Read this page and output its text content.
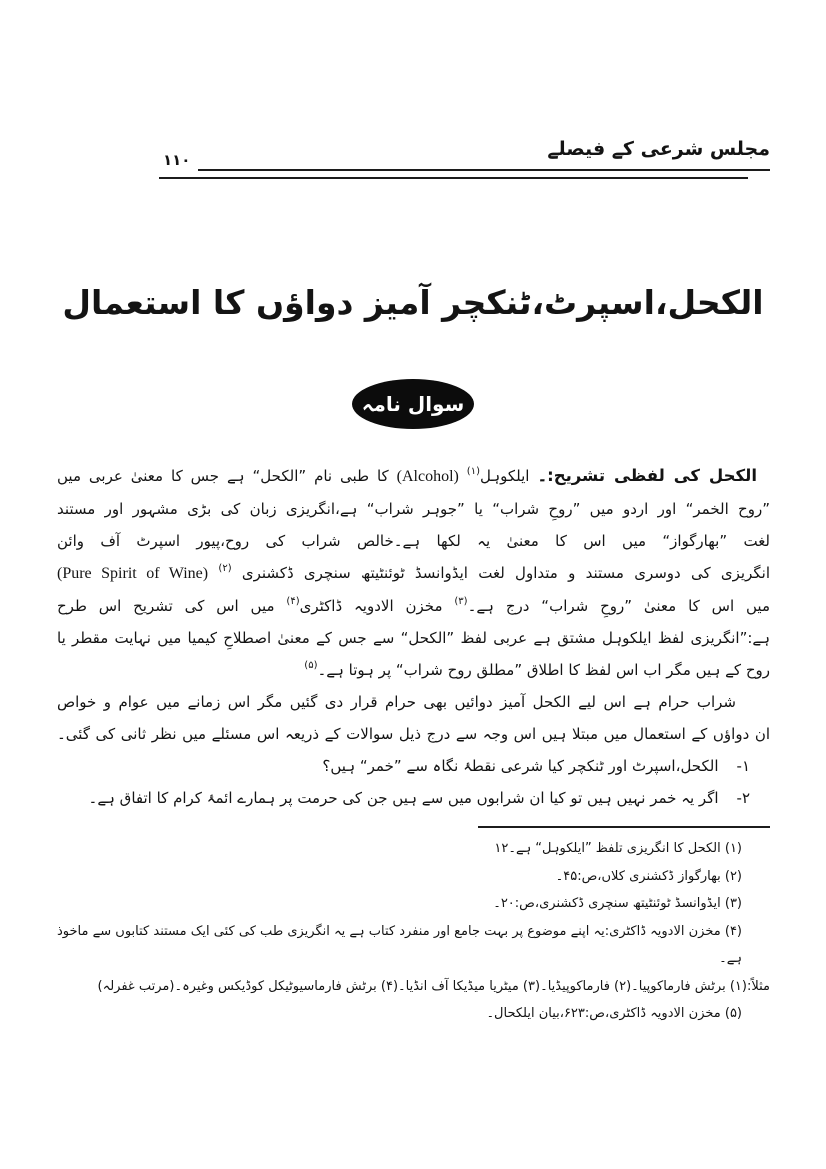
مجلس شرعی کے فیصلے
۱۱۰
الکحل،اسپرٹ،ٹنکچر آمیز دواؤں کا استعمال
سوال نامہ
الکحل کی لفظی تشریح:۔ ایلکوہل$^{(۱)}$ (Alcohol) کا طبی نام ”الکحل“ ہے جس کا معنیٰ عربی میں
”روح الخمر“ اور اردو میں ”روحِ شراب“ یا ”جوہر شراب“ ہے،انگریزی زبان کی بڑی مشہور اور مستند
لغت ”بھارگواز“ میں اس کا معنیٰ یہ لکھا ہے۔خالص شراب کی روح،پیور اسپرٹ آف وائن
انگریزی کی دوسری مستند و متداول لغت ایڈوانسڈ ٹوئنٹیتھ سنچری ڈکشنری $^{(۲)}$ (Pure Spirit of Wine)
میں اس کا معنیٰ ”روحِ شراب“ درج ہے۔$^{(۳)}$ مخزن الادویہ ڈاکٹری$^{(۴)}$ میں اس کی تشریح اس طرح
ہے:”انگریزی لفظ ایلکوہل مشتق ہے عربی لفظ ”الکحل“ سے جس کے معنیٰ اصطلاحِ کیمیا میں نہایت مقطر یا
روح کے ہیں مگر اب اس لفظ کا اطلاق ”مطلق روح شراب“ پر ہوتا ہے۔$^{(۵)}$
شراب حرام ہے اس لیے الکحل آمیز دوائیں بھی حرام قرار دی گئیں مگر اس زمانے میں عوام و خواص
ان دواؤں کے استعمال میں مبتلا ہیں اس وجہ سے درج ذیل سوالات کے ذریعہ اس مسئلے میں نظر ثانی کی گئی۔
۱-الکحل،اسپرٹ اور ٹنکچر کیا شرعی نقطۂ نگاہ سے ”خمر“ ہیں؟
۲-اگر یہ خمر نہیں ہیں تو کیا ان شرابوں میں سے ہیں جن کی حرمت پر ہمارے ائمۂ کرام کا اتفاق ہے۔
(۱) الکحل کا انگریزی تلفظ ”ایلکوہل“ ہے۔۱۲
(۲) بھارگواز ڈکشنری کلاں،ص:۴۵۔
(۳) ایڈوانسڈ ٹوئنٹیتھ سنچری ڈکشنری،ص:۲۰۔
(۴) مخزن الادویہ ڈاکٹری:یہ اپنے موضوع پر بہت جامع اور منفرد کتاب ہے یہ انگریزی طب کی کئی ایک مستند کتابوں سے ماخوذ ہے۔
مثلاً:(۱) برٹش فارماکوپیا۔(۲) فارماکوپیڈیا۔(۳) میٹریا میڈیکا آف انڈیا۔(۴) برٹش فارماسیوٹیکل کوڈیکس وغیرہ۔(مرتب غفرلہ)
(۵) مخزن الادویہ ڈاکٹری،ص:۶۲۳،بیان ایلکحال۔
